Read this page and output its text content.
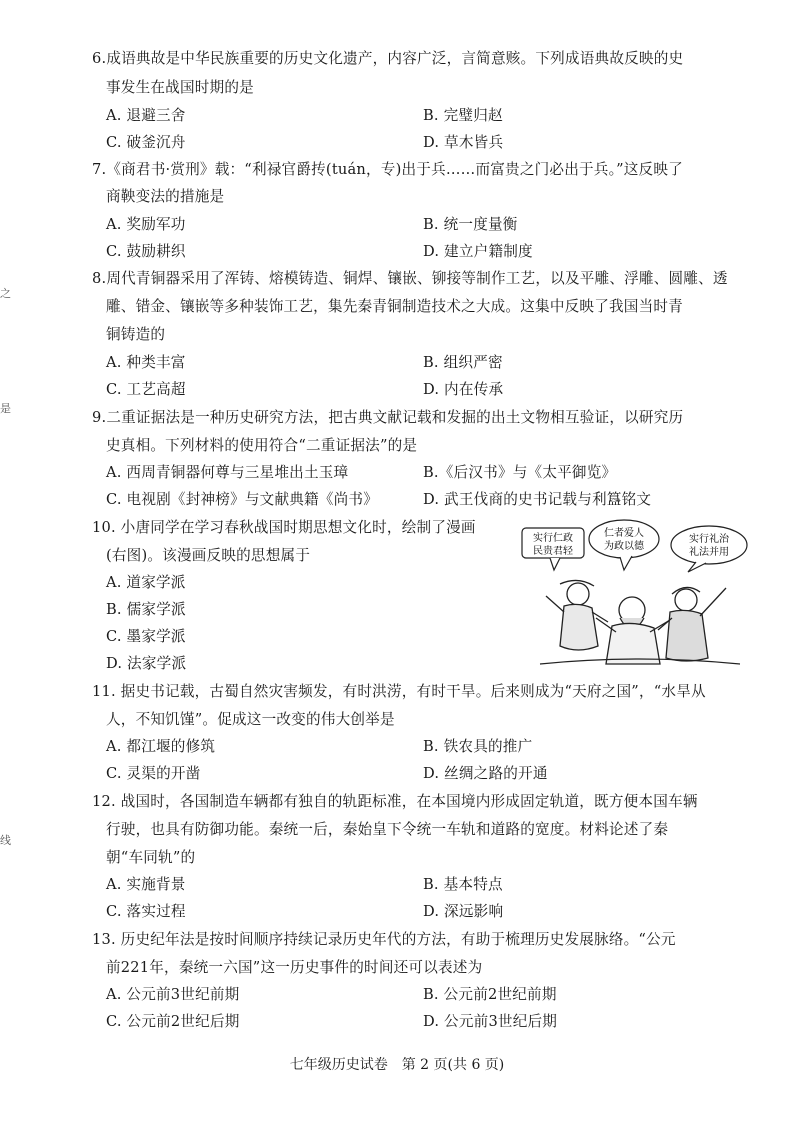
6.成语典故是中华民族重要的历史文化遗产，内容广泛，言简意赅。下列成语典故反映的史
事发生在战国时期的是
A. 退避三舍	B. 完璧归赵
C. 破釜沉舟	D. 草木皆兵
7.《商君书·赏刑》载：“利禄官爵抟(tuán，专)出于兵……而富贵之门必出于兵。”这反映了
商鞅变法的措施是
A. 奖励军功	B. 统一度量衡
C. 鼓励耕织	D. 建立户籍制度
8.周代青铜器采用了浑铸、熔模铸造、铜焊、镶嵌、铆接等制作工艺，以及平雕、浮雕、圆雕、透
雕、错金、镶嵌等多种装饰工艺，集先秦青铜制造技术之大成。这集中反映了我国当时青
铜铸造的
A. 种类丰富	B. 组织严密
C. 工艺高超	D. 内在传承
9.二重证据法是一种历史研究方法，把古典文献记载和发掘的出土文物相互验证，以研究历
史真相。下列材料的使用符合“二重证据法”的是
A. 西周青铜器何尊与三星堆出土玉璋	B.《后汉书》与《太平御览》
C. 电视剧《封神榜》与文献典籍《尚书》	D. 武王伐商的史书记载与利簋铭文
10. 小唐同学在学习春秋战国时期思想文化时，绘制了漫画
(右图)。该漫画反映的思想属于
A. 道家学派
B. 儒家学派
C. 墨家学派
D. 法家学派
实行仁政
民贵君轻
仁者爱人
为政以德
实行礼治
礼法并用
11. 据史书记载，古蜀自然灾害频发，有时洪涝，有时干旱。后来则成为“天府之国”，“水旱从
人，不知饥馑”。促成这一改变的伟大创举是
A. 都江堰的修筑	B. 铁农具的推广
C. 灵渠的开凿	D. 丝绸之路的开通
12. 战国时，各国制造车辆都有独自的轨距标准，在本国境内形成固定轨道，既方便本国车辆
行驶，也具有防御功能。秦统一后，秦始皇下令统一车轨和道路的宽度。材料论述了秦
朝“车同轨”的
A. 实施背景	B. 基本特点
C. 落实过程	D. 深远影响
13. 历史纪年法是按时间顺序持续记录历史年代的方法，有助于梳理历史发展脉络。“公元
前221年，秦统一六国”这一历史事件的时间还可以表述为
A. 公元前3世纪前期	B. 公元前2世纪前期
C. 公元前2世纪后期	D. 公元前3世纪后期
之
是
线
七年级历史试卷　第 2 页(共 6 页)
